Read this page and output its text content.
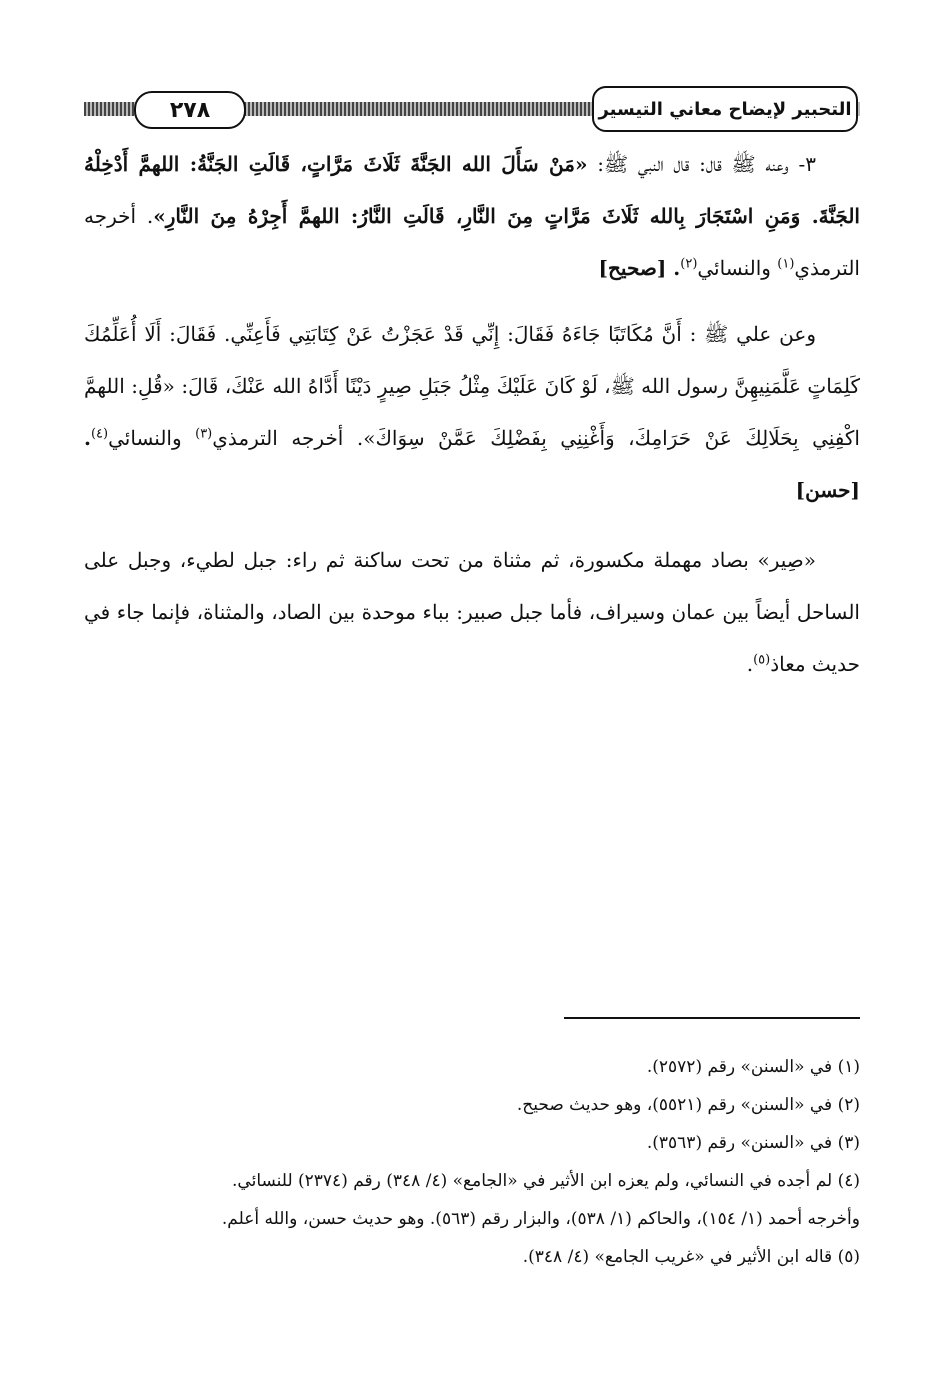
التحبير لإيضاح معاني التيسير
٢٧٨

٣- وعنه ﷺ قال: قال النبي ﷺ: «مَنْ سَأَلَ الله الجَنَّةَ ثَلَاثَ مَرَّاتٍ، قَالَتِ الجَنَّةُ: اللهمَّ أَدْخِلْهُ الجَنَّةَ. وَمَنِ اسْتَجَارَ بِالله ثَلَاثَ مَرَّاتٍ مِنَ النَّارِ، قَالَتِ النَّارُ: اللهمَّ أَجِرْهُ مِنَ النَّارِ». أخرجه الترمذي$^{(١)}$ والنسائي$^{(٢)}$. [صحيح]

وعن علي ﷺ : أَنَّ مُكَاتَبًا جَاءَهُ فَقَالَ: إِنِّي قَدْ عَجَزْتُ عَنْ كِتَابَتِي فَأَعِنِّي. فَقَالَ: أَلَا أُعَلِّمُكَ كَلِمَاتٍ عَلَّمَنِيهِنَّ رسول الله ﷺ، لَوْ كَانَ عَلَيْكَ مِثْلُ جَبَلِ صِيرٍ دَيْنًا أَدَّاهُ الله عَنْكَ، قَالَ: «قُلِ: اللهمَّ اكْفِنِي بِحَلَالِكَ عَنْ حَرَامِكَ، وَأَغْنِنِي بِفَضْلِكَ عَمَّنْ سِوَاكَ». أخرجه الترمذي$^{(٣)}$ والنسائي$^{(٤)}$. [حسن]

«صِير» بصاد مهملة مكسورة، ثم مثناة من تحت ساكنة ثم راء: جبل لطيء، وجبل على الساحل أيضاً بين عمان وسيراف، فأما جبل صبير: بباء موحدة بين الصاد، والمثناة، فإنما جاء في حديث معاذ$^{(٥)}$.

(١) في «السنن» رقم (٢٥٧٢).

(٢) في «السنن» رقم (٥٥٢١)، وهو حديث صحيح.

(٣) في «السنن» رقم (٣٥٦٣).

(٤) لم أجده في النسائي، ولم يعزه ابن الأثير في «الجامع» (٤/ ٣٤٨) رقم (٢٣٧٤) للنسائي.

وأخرجه أحمد (١/ ١٥٤)، والحاكم (١/ ٥٣٨)، والبزار رقم (٥٦٣). وهو حديث حسن، والله أعلم.

(٥) قاله ابن الأثير في «غريب الجامع» (٤/ ٣٤٨).
